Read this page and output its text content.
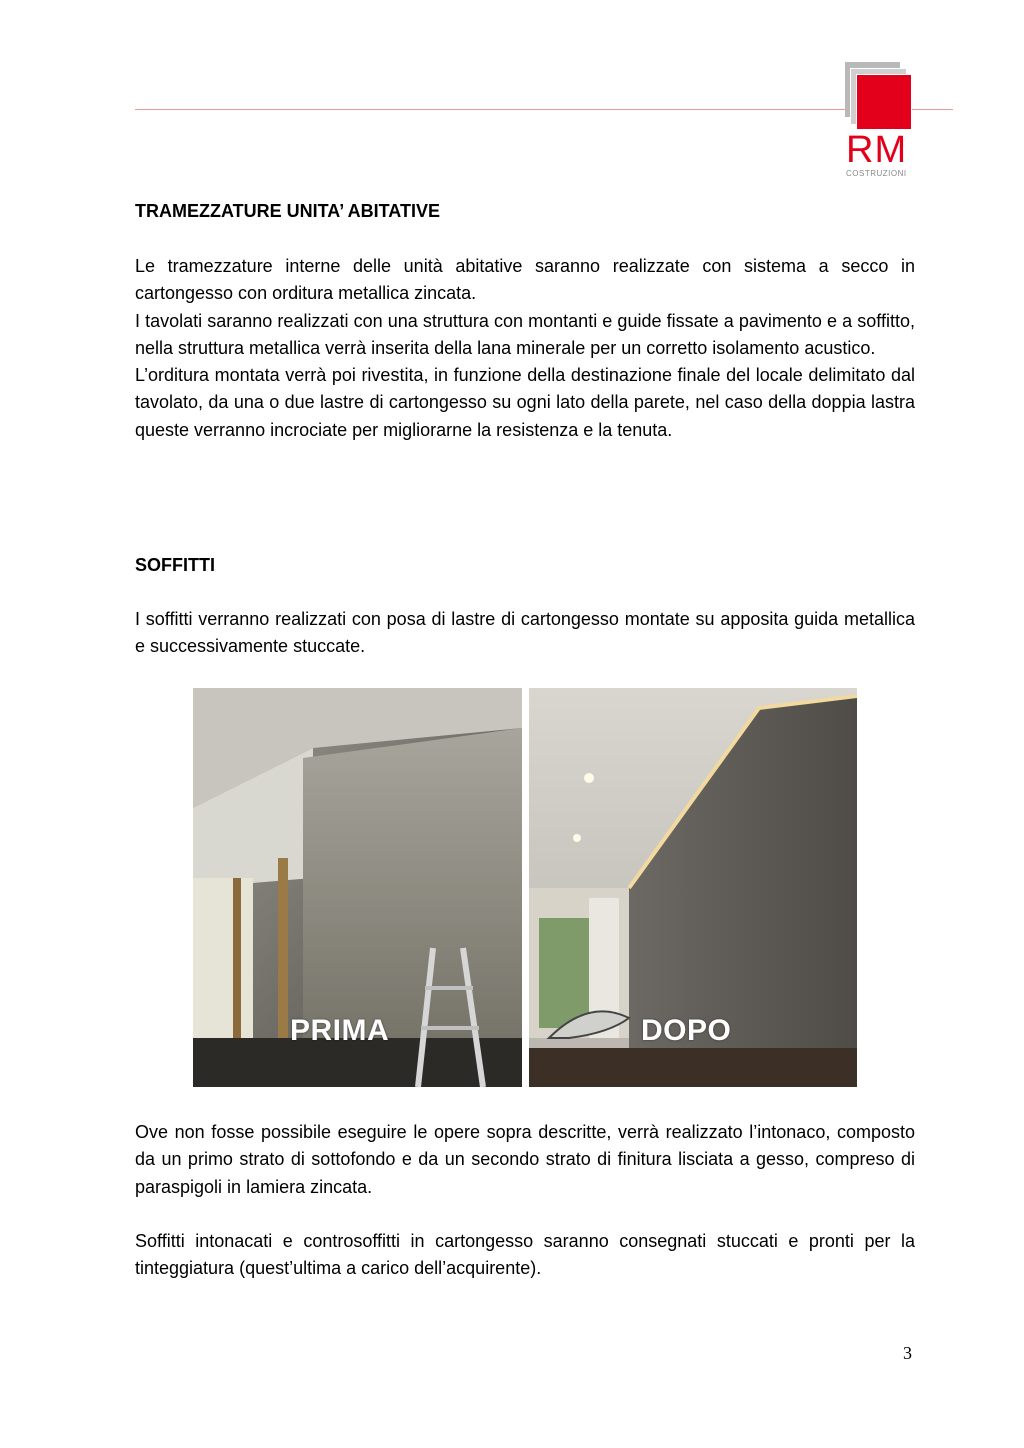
RM
COSTRUZIONI
TRAMEZZATURE UNITA’ ABITATIVE
Le tramezzature interne delle unità abitative saranno realizzate con sistema a secco in cartongesso con orditura metallica zincata.
I tavolati saranno realizzati con una struttura con montanti e guide fissate a pavimento e a soffitto, nella struttura metallica verrà inserita della lana minerale per un corretto isolamento acustico.
L’orditura montata verrà poi rivestita, in funzione della destinazione finale del locale delimitato dal tavolato, da una o due lastre di cartongesso su ogni lato della parete, nel caso della doppia lastra queste verranno incrociate per migliorarne la resistenza e la tenuta.
SOFFITTI

I soffitti verranno realizzati con posa di lastre di cartongesso montate su apposita guida metallica e successivamente stuccate.

PRIMA	DOPO

Ove non fosse possibile eseguire le opere sopra descritte, verrà realizzato l’intonaco, composto da un primo strato di sottofondo e da un secondo strato di finitura lisciata a gesso, compreso di paraspigoli in lamiera zincata.

Soffitti intonacati e controsoffitti in cartongesso saranno consegnati stuccati e pronti per la tinteggiatura (quest’ultima a carico dell’acquirente).

3
